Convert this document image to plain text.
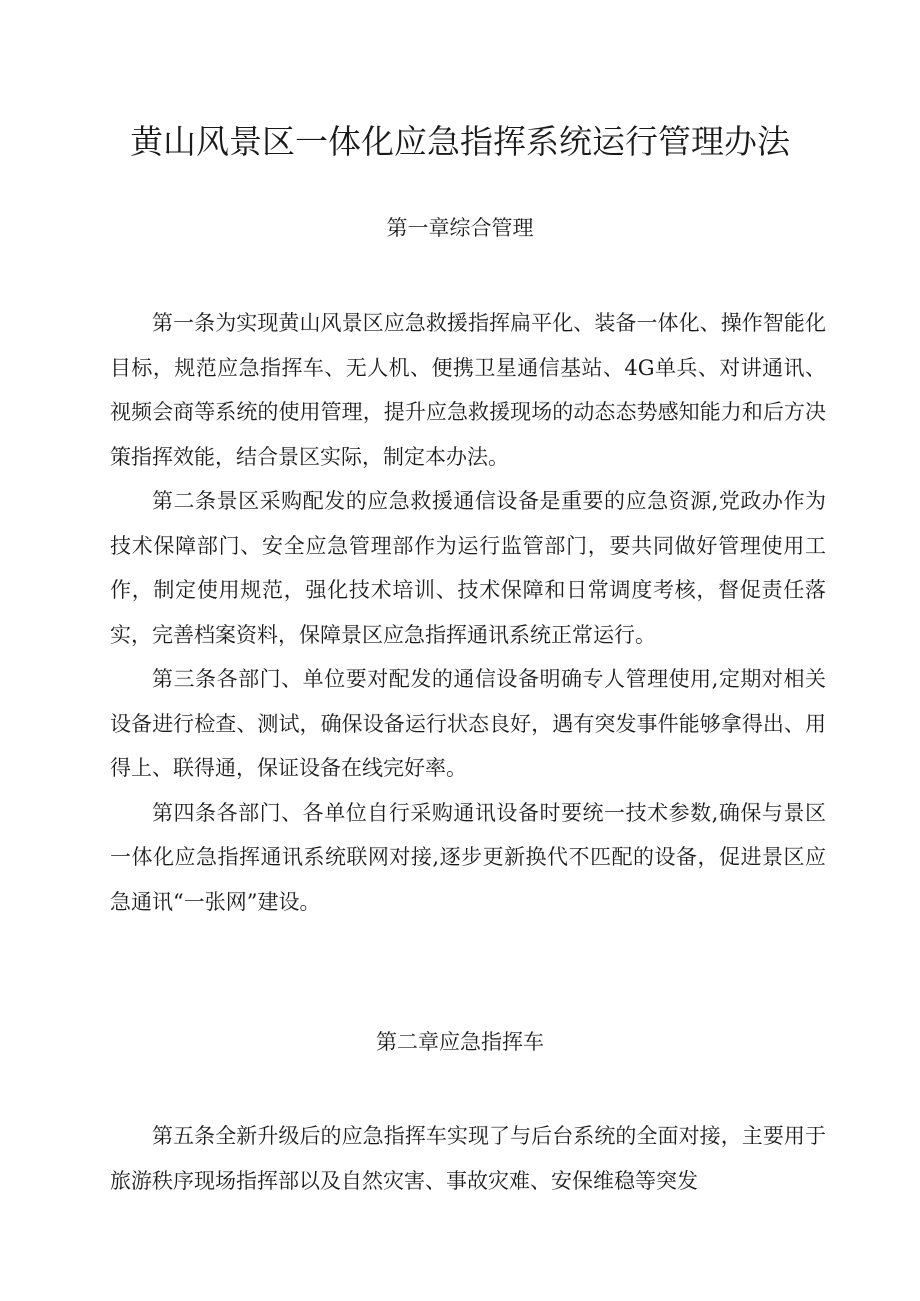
黄山风景区一体化应急指挥系统运行管理办法
第一章综合管理

第一条为实现黄山风景区应急救援指挥扁平化、装备一体化、操作智能化目标，规范应急指挥车、无人机、便携卫星通信基站、4G单兵、对讲通讯、视频会商等系统的使用管理，提升应急救援现场的动态态势感知能力和后方决策指挥效能，结合景区实际，制定本办法。

第二条景区采购配发的应急救援通信设备是重要的应急资源,党政办作为技术保障部门、安全应急管理部作为运行监管部门，要共同做好管理使用工作，制定使用规范，强化技术培训、技术保障和日常调度考核，督促责任落实，完善档案资料，保障景区应急指挥通讯系统正常运行。

第三条各部门、单位要对配发的通信设备明确专人管理使用,定期对相关设备进行检查、测试，确保设备运行状态良好，遇有突发事件能够拿得出、用得上、联得通，保证设备在线完好率。

第四条各部门、各单位自行采购通讯设备时要统一技术参数,确保与景区一体化应急指挥通讯系统联网对接,逐步更新换代不匹配的设备，促进景区应急通讯“一张网”建设。

第二章应急指挥车

第五条全新升级后的应急指挥车实现了与后台系统的全面对接，主要用于旅游秩序现场指挥部以及自然灾害、事故灾难、安保维稳等突发
